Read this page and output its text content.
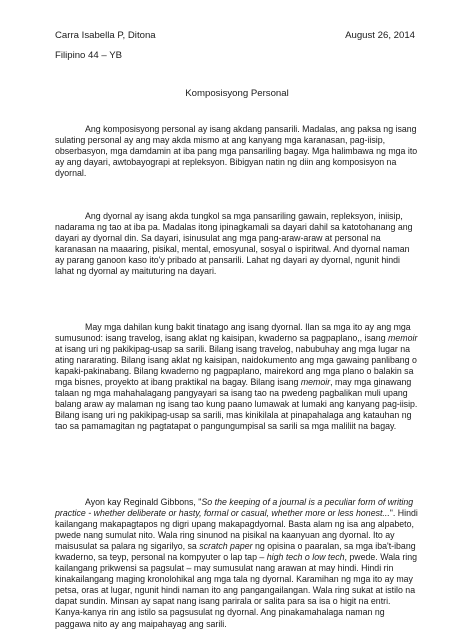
Carra Isabella P, Ditona	August 26, 2014
Filipino 44 – YB
Komposisyong Personal

Ang komposisyong personal ay isang akdang pansarili. Madalas, ang paksa ng isang sulating personal ay ang may akda mismo at ang kanyang mga karanasan, pag-iisip, obserbasyon, mga damdamin at iba pang mga pansariling bagay. Mga halimbawa ng mga ito ay ang dayari, awtobayograpi at repleksyon. Bibigyan natin ng diin ang komposisyon na dyornal.

Ang dyornal ay isang akda tungkol sa mga pansariling gawain, repleksyon, iniisip, nadarama ng tao at iba pa. Madalas itong ipinagkamali sa dayari dahil sa katotohanang ang dayari ay dyornal din. Sa dayari, isinusulat ang mga pang-araw-araw at personal na karanasan na maaaring, pisikal, mental, emosyunal, sosyal o ispiritwal. And dyornal naman ay parang ganoon kaso ito'y pribado at pansarili. Lahat ng dayari ay dyornal, ngunit hindi lahat ng dyornal ay maituturing na dayari.

May mga dahilan kung bakit tinatago ang isang dyornal. Ilan sa mga ito ay ang mga sumusunod: isang travelog, isang aklat ng kaisipan, kwaderno sa pagpaplano,, isang memoir at isang uri ng pakikipag-usap sa sarili. Bilang isang travelog, nabubuhay ang mga lugar na ating nararating. Bilang isang aklat ng kaisipan, naidokumento ang mga gawaing panlibang o kapaki-pakinabang. Bilang kwaderno ng pagpaplano, mairekord ang mga plano o balakin sa mga bisnes, proyekto at ibang praktikal na bagay. Bilang isang memoir, may mga ginawang talaan ng mga mahahalagang pangyayari sa isang tao na pwedeng pagbalikan muli upang balang araw ay malaman ng isang tao kung paano lumawak at lumaki ang kanyang pag-iisip. Bilang isang uri ng pakikipag-usap sa sarili, mas kinikilala at pinapahalaga ang katauhan ng tao sa pamamagitan ng pagtatapat o pangungumpisal sa sarili sa mga maliliit na bagay.

Ayon kay Reginald Gibbons, "So the keeping of a journal is a peculiar form of writing practice - whether deliberate or hasty, formal or casual, whether more or less honest...". Hindi kailangang makapagtapos ng digri upang makapagdyornal. Basta alam ng isa ang alpabeto, pwede nang sumulat nito. Wala ring sinunod na pisikal na kaanyuan ang dyornal. Ito ay maisusulat sa palara ng sigarilyo, sa scratch paper ng opisina o paaralan, sa mga iba't-ibang kwaderno, sa teyp, personal na kompyuter o lap tap – high tech o low tech, pwede. Wala ring kailangang prikwensi sa pagsulat – may sumusulat nang arawan at may hindi. Hindi rin kinakailangang maging kronolohikal ang mga tala ng dyornal. Karamihan ng mga ito ay may petsa, oras at lugar, ngunit hindi naman ito ang pangangailangan. Wala ring sukat at istilo na dapat sundin. Minsan ay sapat nang isang parirala or salita para sa isa o higit na entri. Kanya-kanya rin ang istilo sa pagsusulat ng dyornal. Ang pinakamahalaga naman ng paggawa nito ay ang maipahayag ang sarili.
